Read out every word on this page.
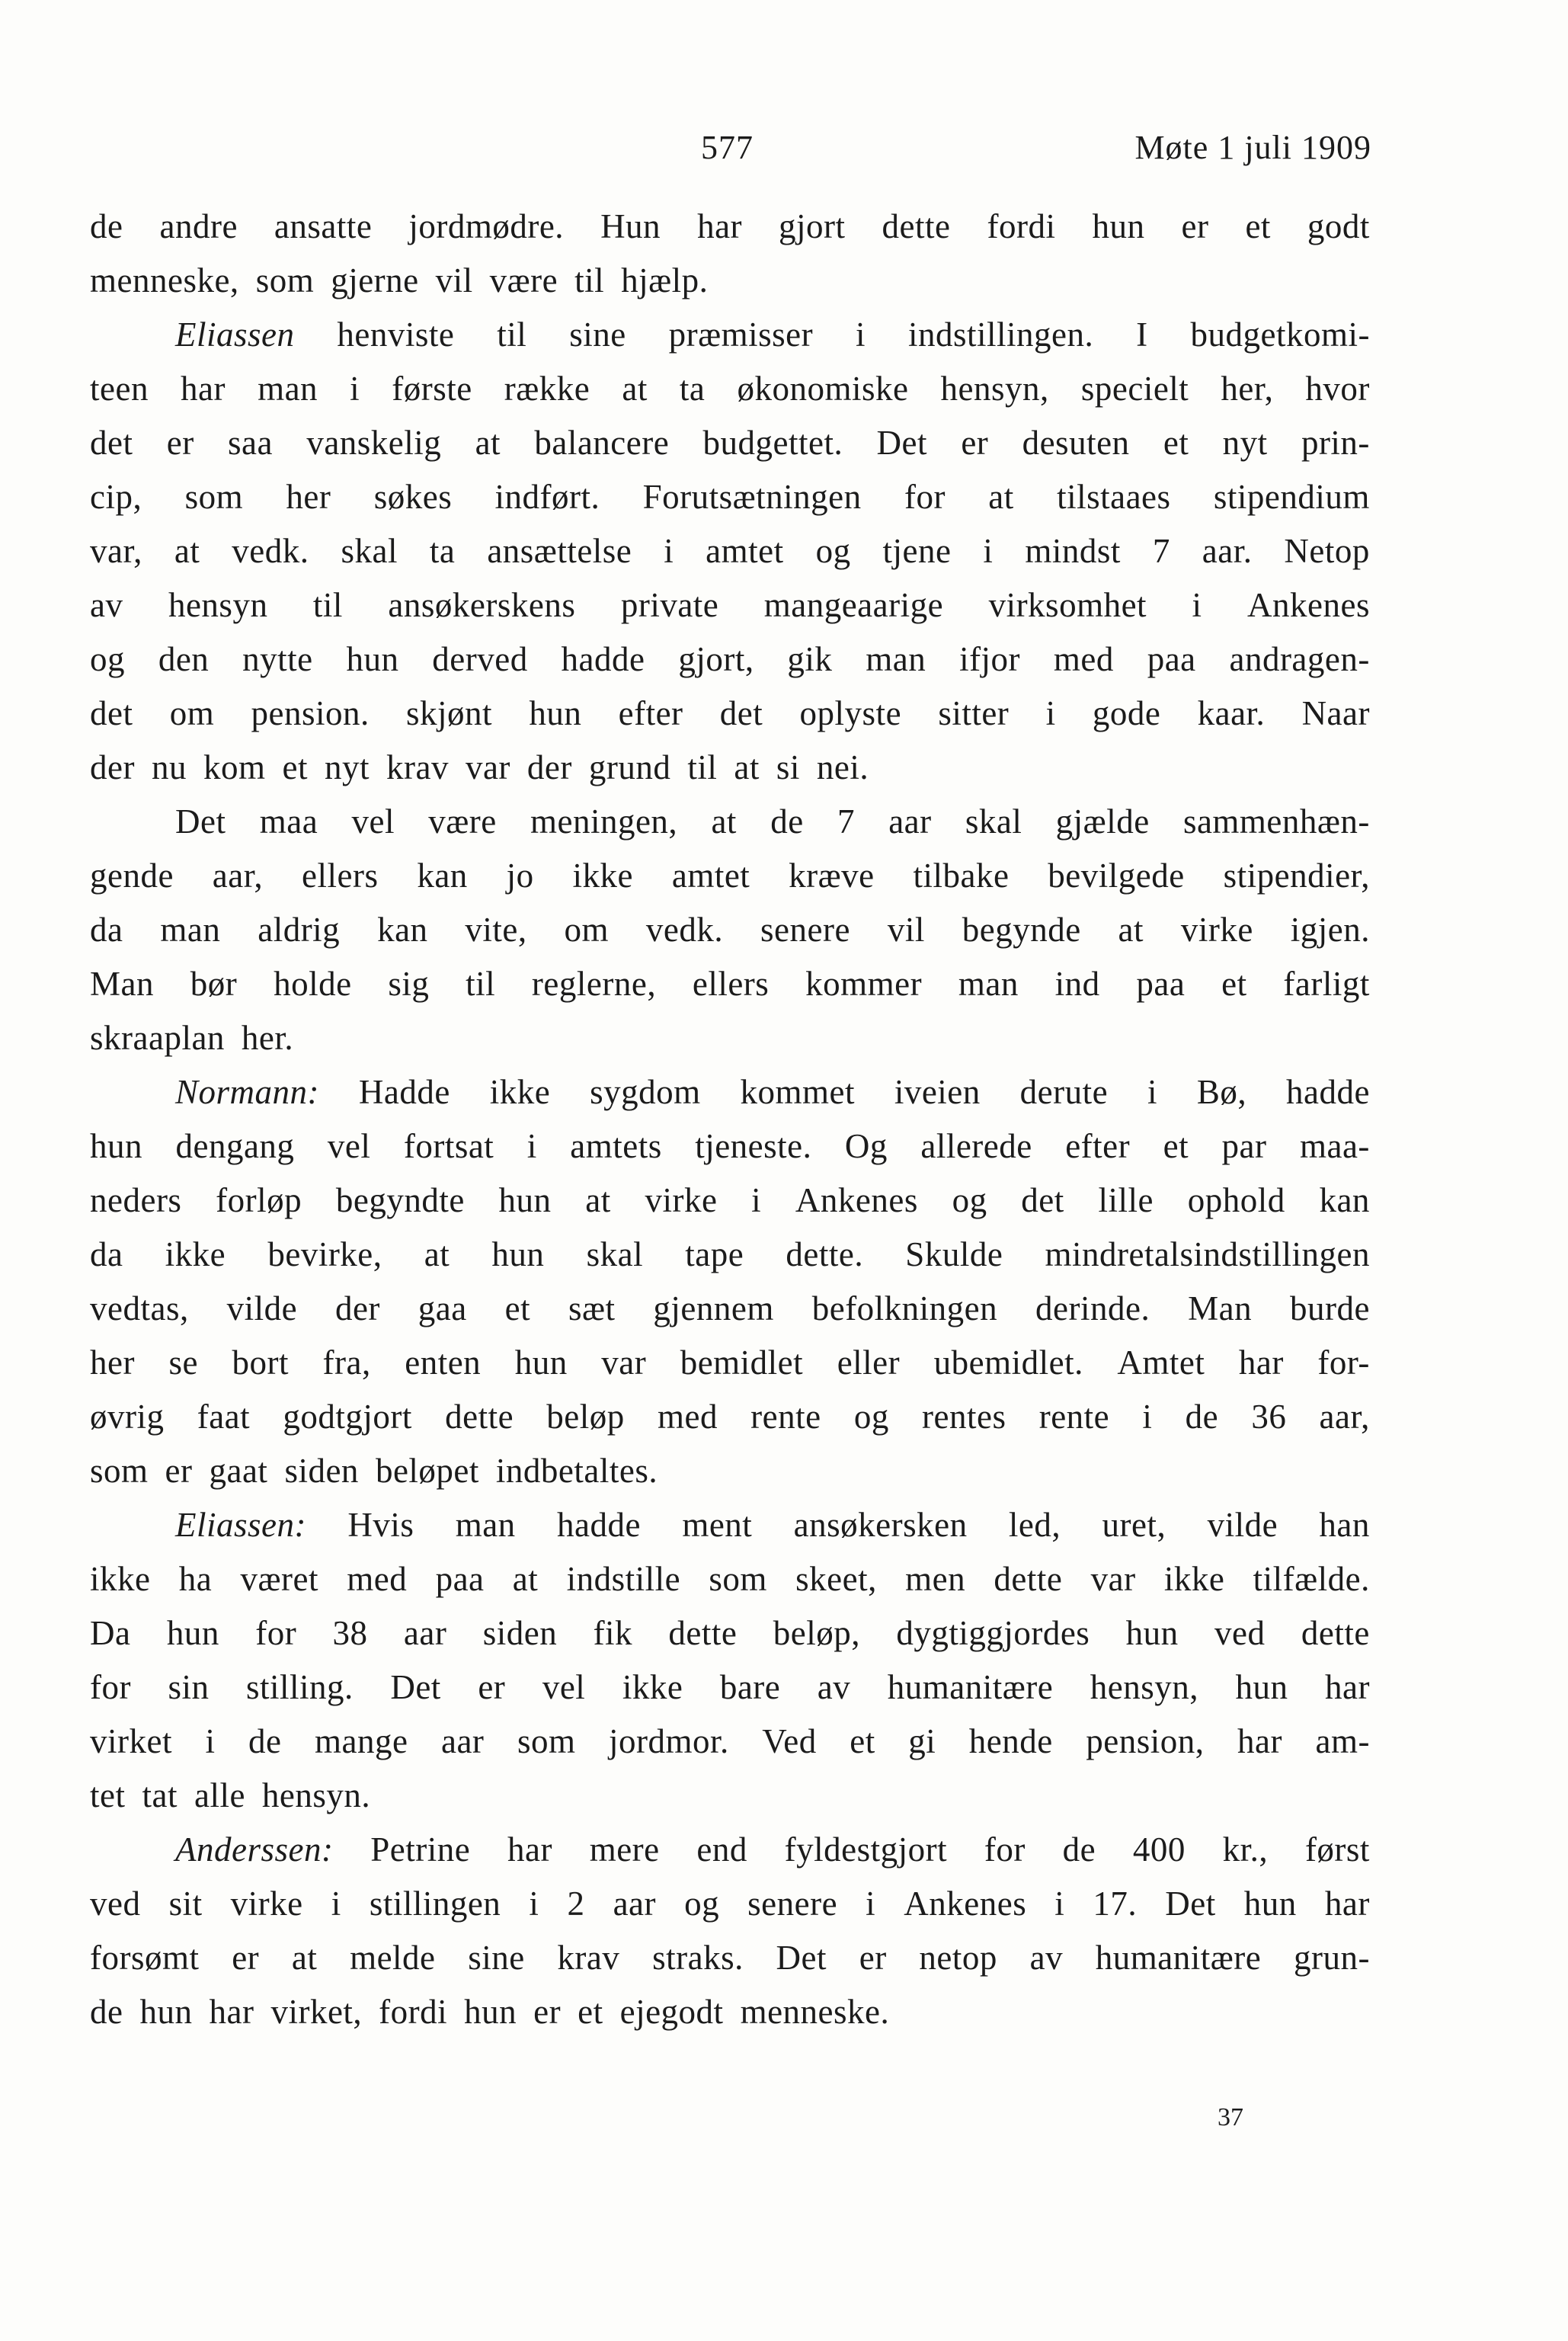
577	Møte 1 juli 1909
de andre ansatte jordmødre. Hun har gjort dette fordi hun er et godt
menneske, som gjerne vil være til hjælp.
Eliassen henviste til sine præmisser i indstillingen. I budgetkomi-
teen har man i første række at ta økonomiske hensyn, specielt her, hvor
det er saa vanskelig at balancere budgettet. Det er desuten et nyt prin-
cip, som her søkes indført. Forutsætningen for at tilstaaes stipendium
var, at vedk. skal ta ansættelse i amtet og tjene i mindst 7 aar. Netop
av hensyn til ansøkerskens private mangeaarige virksomhet i Ankenes
og den nytte hun derved hadde gjort, gik man ifjor med paa andragen-
det om pension. skjønt hun efter det oplyste sitter i gode kaar. Naar
der nu kom et nyt krav var der grund til at si nei.
Det maa vel være meningen, at de 7 aar skal gjælde sammenhæn-
gende aar, ellers kan jo ikke amtet kræve tilbake bevilgede stipendier,
da man aldrig kan vite, om vedk. senere vil begynde at virke igjen.
Man bør holde sig til reglerne, ellers kommer man ind paa et farligt
skraaplan her.
Normann: Hadde ikke sygdom kommet iveien derute i Bø, hadde
hun dengang vel fortsat i amtets tjeneste. Og allerede efter et par maa-
neders forløp begyndte hun at virke i Ankenes og det lille ophold kan
da ikke bevirke, at hun skal tape dette. Skulde mindretalsindstillingen
vedtas, vilde der gaa et sæt gjennem befolkningen derinde. Man burde
her se bort fra, enten hun var bemidlet eller ubemidlet. Amtet har for-
øvrig faat godtgjort dette beløp med rente og rentes rente i de 36 aar,
som er gaat siden beløpet indbetaltes.
Eliassen: Hvis man hadde ment ansøkersken led, uret, vilde han
ikke ha været med paa at indstille som skeet, men dette var ikke tilfælde.
Da hun for 38 aar siden fik dette beløp, dygtiggjordes hun ved dette
for sin stilling. Det er vel ikke bare av humanitære hensyn, hun har
virket i de mange aar som jordmor. Ved et gi hende pension, har am-
tet tat alle hensyn.
Anderssen: Petrine har mere end fyldestgjort for de 400 kr., først
ved sit virke i stillingen i 2 aar og senere i Ankenes i 17. Det hun har
forsømt er at melde sine krav straks. Det er netop av humanitære grun-
de hun har virket, fordi hun er et ejegodt menneske.
37
